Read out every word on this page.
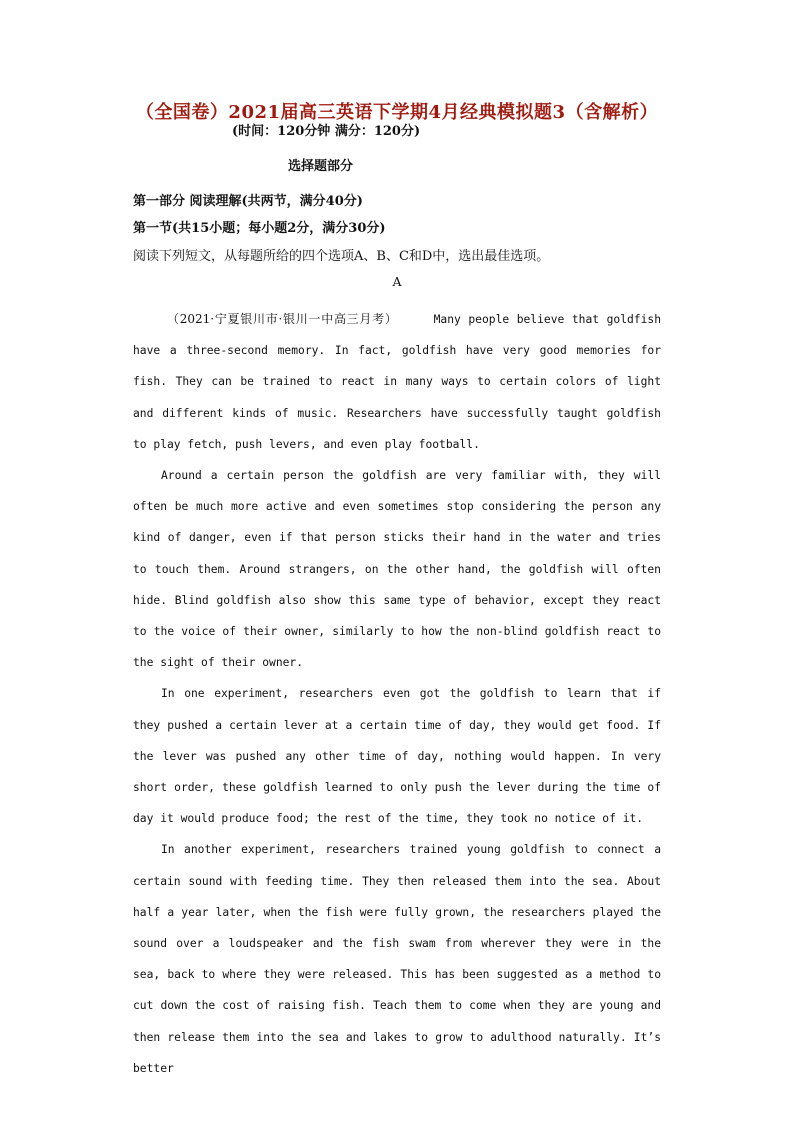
（全国卷）2021届高三英语下学期4月经典模拟题3（含解析）
(时间：120分钟 满分：120分)
选择题部分
第一部分 阅读理解(共两节，满分40分)
第一节(共15小题；每小题2分，满分30分)
阅读下列短文，从每题所给的四个选项A、B、C和D中，选出最佳选项。
A

（2021·宁夏银川市·银川一中高三月考）	Many people believe that goldfish have a three-second memory. In fact, goldfish have very good memories for fish. They can be trained to react in many ways to certain colors of light and different kinds of music. Researchers have successfully taught goldfish to play fetch, push levers, and even play football.

Around a certain person the goldfish are very familiar with, they will often be much more active and even sometimes stop considering the person any kind of danger, even if that person sticks their hand in the water and tries to touch them. Around strangers, on the other hand, the goldfish will often hide. Blind goldfish also show this same type of behavior, except they react to the voice of their owner, similarly to how the non-blind goldfish react to the sight of their owner.

In one experiment, researchers even got the goldfish to learn that if they pushed a certain lever at a certain time of day, they would get food. If the lever was pushed any other time of day, nothing would happen. In very short order, these goldfish learned to only push the lever during the time of day it would produce food; the rest of the time, they took no notice of it.

In another experiment, researchers trained young goldfish to connect a certain sound with feeding time. They then released them into the sea. About half a year later, when the fish were fully grown, the researchers played the sound over a loudspeaker and the fish swam from wherever they were in the sea, back to where they were released. This has been suggested as a method to cut down the cost of raising fish. Teach them to come when they are young and then release them into the sea and lakes to grow to adulthood naturally. It’s better
